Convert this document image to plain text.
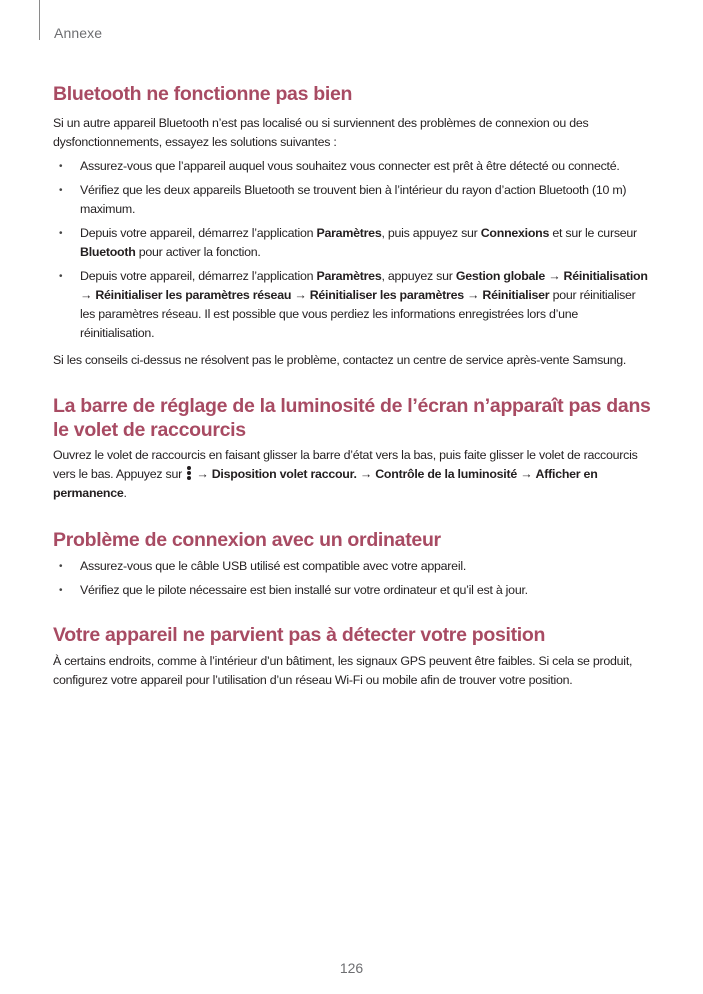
Annexe
Bluetooth ne fonctionne pas bien

Si un autre appareil Bluetooth n’est pas localisé ou si surviennent des problèmes de connexion ou des dysfonctionnements, essayez les solutions suivantes :

• Assurez-vous que l’appareil auquel vous souhaitez vous connecter est prêt à être détecté ou connecté.
• Vérifiez que les deux appareils Bluetooth se trouvent bien à l’intérieur du rayon d’action Bluetooth (10 m) maximum.
• Depuis votre appareil, démarrez l’application Paramètres, puis appuyez sur Connexions et sur le curseur Bluetooth pour activer la fonction.
• Depuis votre appareil, démarrez l’application Paramètres, appuyez sur Gestion globale → Réinitialisation → Réinitialiser les paramètres réseau → Réinitialiser les paramètres → Réinitialiser pour réinitialiser les paramètres réseau. Il est possible que vous perdiez les informations enregistrées lors d’une réinitialisation.

Si les conseils ci-dessus ne résolvent pas le problème, contactez un centre de service après-vente Samsung.

La barre de réglage de la luminosité de l’écran n’apparaît pas dans le volet de raccourcis

Ouvrez le volet de raccourcis en faisant glisser la barre d’état vers la bas, puis faite glisser le volet de raccourcis vers le bas. Appuyez sur
→ Disposition volet raccour. → Contrôle de la luminosité → Afficher en permanence.

Problème de connexion avec un ordinateur
• Assurez-vous que le câble USB utilisé est compatible avec votre appareil.
• Vérifiez que le pilote nécessaire est bien installé sur votre ordinateur et qu’il est à jour.
Votre appareil ne parvient pas à détecter votre position

À certains endroits, comme à l’intérieur d’un bâtiment, les signaux GPS peuvent être faibles. Si cela se produit, configurez votre appareil pour l’utilisation d’un réseau Wi-Fi ou mobile afin de trouver votre position.

126
